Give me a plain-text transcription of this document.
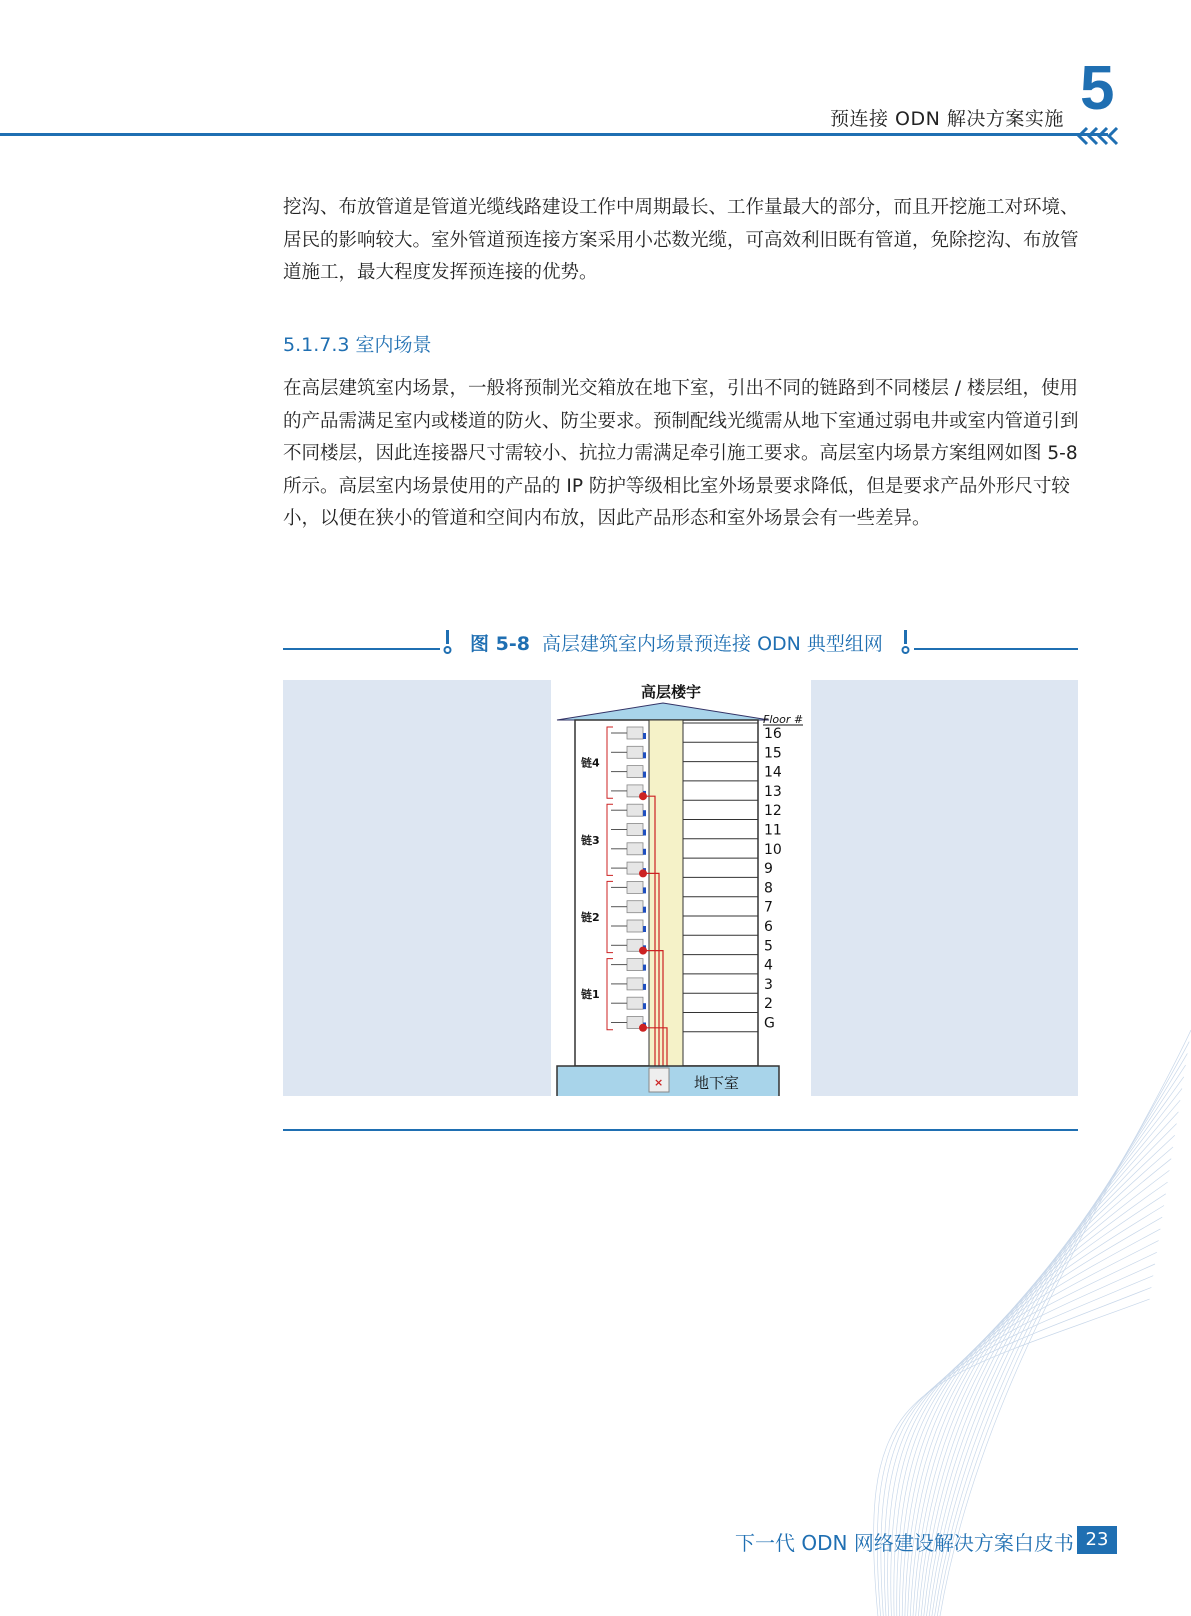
预连接 ODN 解决方案实施 5

挖沟、布放管道是管道光缆线路建设工作中周期最长、工作量最大的部分，而且开挖施工对环境、居民的影响较大。室外管道预连接方案采用小芯数光缆，可高效利旧既有管道，免除挖沟、布放管道施工，最大程度发挥预连接的优势。

5.1.7.3 室内场景

在高层建筑室内场景，一般将预制光交箱放在地下室，引出不同的链路到不同楼层 / 楼层组，使用的产品需满足室内或楼道的防火、防尘要求。预制配线光缆需从地下室通过弱电井或室内管道引到不同楼层，因此连接器尺寸需较小、抗拉力需满足牵引施工要求。高层室内场景方案组网如图 5-8 所示。高层室内场景使用的产品的 IP 防护等级相比室外场景要求降低，但是要求产品外形尺寸较小，以便在狭小的管道和空间内布放，因此产品形态和室外场景会有一些差异。

图 5-8 高层建筑室内场景预连接 ODN 典型组网
高层楼宇
Floor #
链4
链3
链2
链1
16
15
14
13
12
11
10
9
8
7
6
5
4
3
2
G
× 地下室
下一代 ODN 网络建设解决方案白皮书 23
